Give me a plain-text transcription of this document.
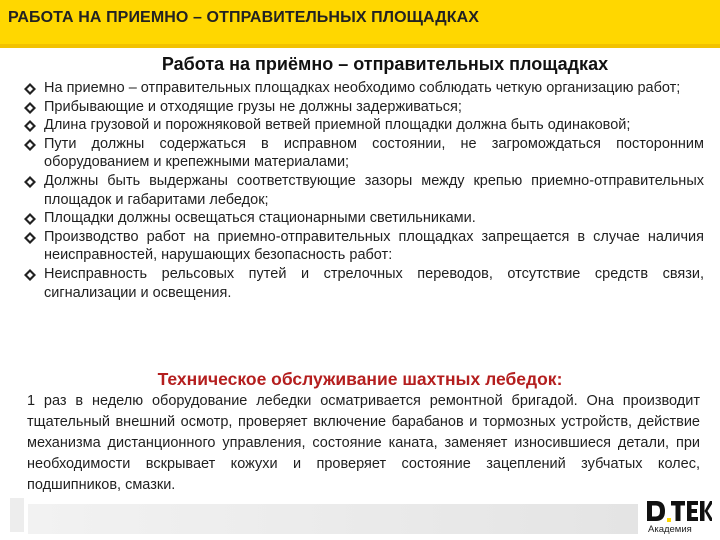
РАБОТА НА ПРИЕМНО – ОТПРАВИТЕЛЬНЫХ ПЛОЩАДКАХ
Работа на приёмно – отправительных площадках
На приемно – отправительных площадках необходимо соблюдать четкую организацию работ;
Прибывающие и отходящие грузы не должны задерживаться;
Длина грузовой и порожняковой ветвей приемной площадки должна быть одинаковой;
Пути должны содержаться в исправном состоянии, не загромождаться посторонним оборудованием и крепежными материалами;
Должны быть выдержаны соответствующие зазоры между крепью приемно-отправительных площадок и габаритами лебедок;
Площадки должны освещаться стационарными светильниками.
Производство работ на приемно-отправительных площадках запрещается в случае наличия неисправностей, нарушающих безопасность работ:
Неисправность рельсовых путей и стрелочных переводов, отсутствие средств связи, сигнализации и освещения.
Техническое обслуживание шахтных лебедок:

1 раз в неделю оборудование лебедки осматривается ремонтной бригадой. Она производит тщательный внешний осмотр, проверяет включение барабанов и тормозных устройств, действие механизма дистанционного управления, состояние каната, заменяет износившиеся детали, при необходимости вскрывает кожухи и проверяет состояние зацеплений зубчатых колес, подшипников, смазки.

Академия
